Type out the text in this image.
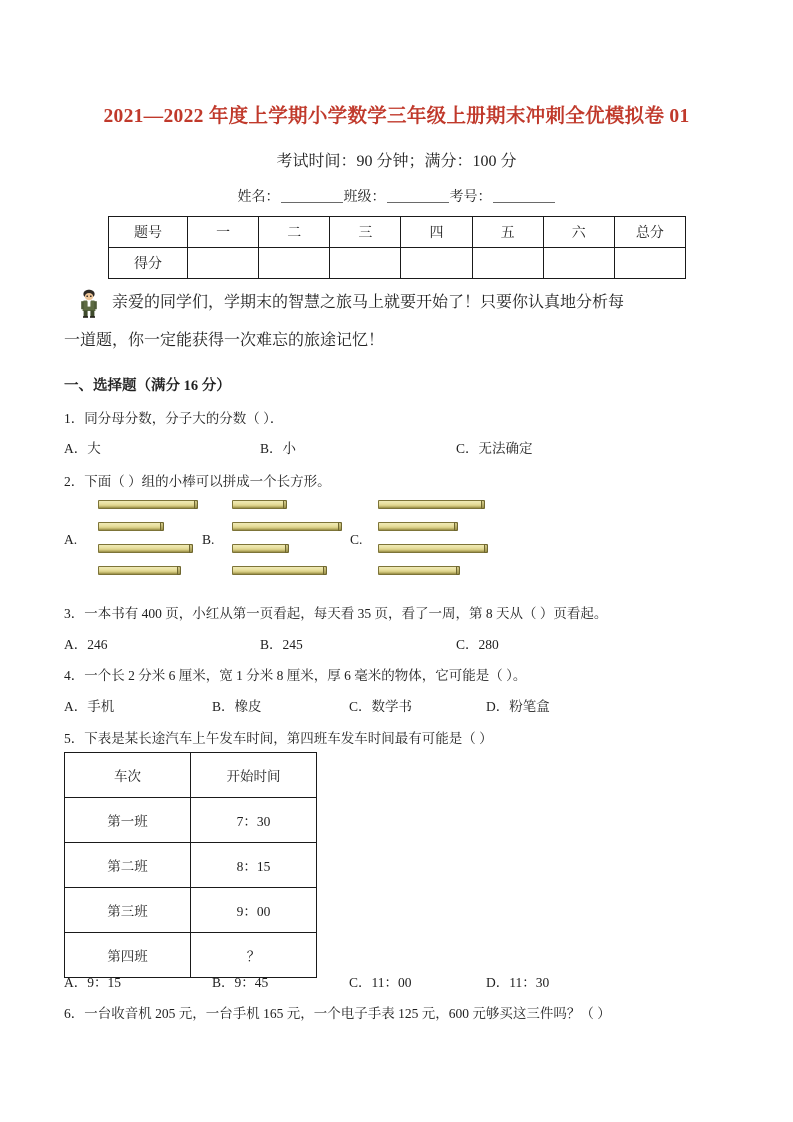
2021—2022 年度上学期小学数学三年级上册期末冲刺全优模拟卷 01
考试时间：90 分钟；满分：100 分
姓名：	班级：	考号：
题号	一	二	三	四	五	六	总分
得分							
亲爱的同学们，学期末的智慧之旅马上就要开始了！只要你认真地分析每
一道题，你一定能获得一次难忘的旅途记忆！
一、选择题（满分 16 分）
1．同分母分数，分子大的分数（ ）．
A．大	B．小	C．无法确定
2．下面（ ）组的小棒可以拼成一个长方形。
A.	B.	C.
3．一本书有 400 页，小红从第一页看起，每天看 35 页，看了一周，第 8 天从（ ）页看起。
A．246	B．245	C．280
4．一个长 2 分米 6 厘米，宽 1 分米 8 厘米，厚 6 毫米的物体，它可能是（ ）。
A．手机	B．橡皮	C．数学书	D．粉笔盒
5．下表是某长途汽车上午发车时间，第四班车发车时间最有可能是（ ）
车次	开始时间
第一班	7：30
第二班	8：15
第三班	9：00
第四班	？
A．9：15	B．9：45	C．11：00	D．11：30
6．一台收音机 205 元，一台手机 165 元，一个电子手表 125 元，600 元够买这三件吗？（ ）
